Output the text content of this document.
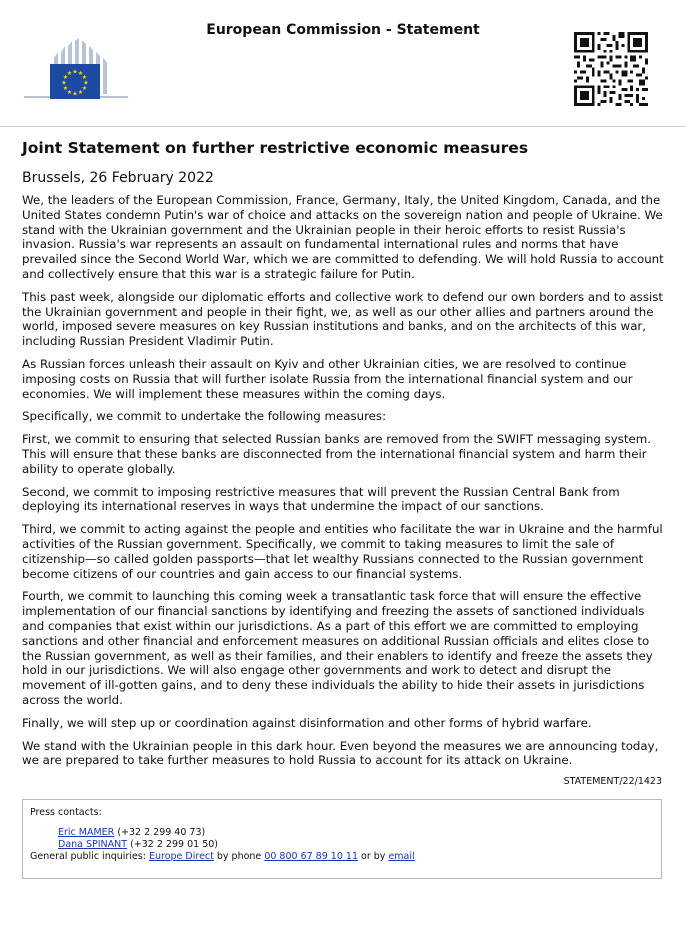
European Commission - Statement
★ ★
★
★
★
★
★
★
★
★
★
★
Joint Statement on further restrictive economic measures
Brussels, 26 February 2022

We, the leaders of the European Commission, France, Germany, Italy, the United Kingdom, Canada, and the United States condemn Putin's war of choice and attacks on the sovereign nation and people of Ukraine. We stand with the Ukrainian government and the Ukrainian people in their heroic efforts to resist Russia's invasion. Russia's war represents an assault on fundamental international rules and norms that have prevailed since the Second World War, which we are committed to defending. We will hold Russia to account and collectively ensure that this war is a strategic failure for Putin.

This past week, alongside our diplomatic efforts and collective work to defend our own borders and to assist the Ukrainian government and people in their fight, we, as well as our other allies and partners around the world, imposed severe measures on key Russian institutions and banks, and on the architects of this war, including Russian President Vladimir Putin.

As Russian forces unleash their assault on Kyiv and other Ukrainian cities, we are resolved to continue imposing costs on Russia that will further isolate Russia from the international financial system and our economies. We will implement these measures within the coming days.

Specifically, we commit to undertake the following measures:

First, we commit to ensuring that selected Russian banks are removed from the SWIFT messaging system. This will ensure that these banks are disconnected from the international financial system and harm their ability to operate globally.

Second, we commit to imposing restrictive measures that will prevent the Russian Central Bank from deploying its international reserves in ways that undermine the impact of our sanctions.

Third, we commit to acting against the people and entities who facilitate the war in Ukraine and the harmful activities of the Russian government. Specifically, we commit to taking measures to limit the sale of citizenship—so called golden passports—that let wealthy Russians connected to the Russian government become citizens of our countries and gain access to our financial systems.

Fourth, we commit to launching this coming week a transatlantic task force that will ensure the effective implementation of our financial sanctions by identifying and freezing the assets of sanctioned individuals and companies that exist within our jurisdictions. As a part of this effort we are committed to employing sanctions and other financial and enforcement measures on additional Russian officials and elites close to the Russian government, as well as their families, and their enablers to identify and freeze the assets they hold in our jurisdictions. We will also engage other governments and work to detect and disrupt the movement of ill-gotten gains, and to deny these individuals the ability to hide their assets in jurisdictions across the world.

Finally, we will step up or coordination against disinformation and other forms of hybrid warfare.

We stand with the Ukrainian people in this dark hour. Even beyond the measures we are announcing today, we are prepared to take further measures to hold Russia to account for its attack on Ukraine.

STATEMENT/22/1423
Press contacts:
Eric MAMER (+32 2 299 40 73)
Dana SPINANT (+32 2 299 01 50)
General public inquiries: Europe Direct by phone 00 800 67 89 10 11 or by email
